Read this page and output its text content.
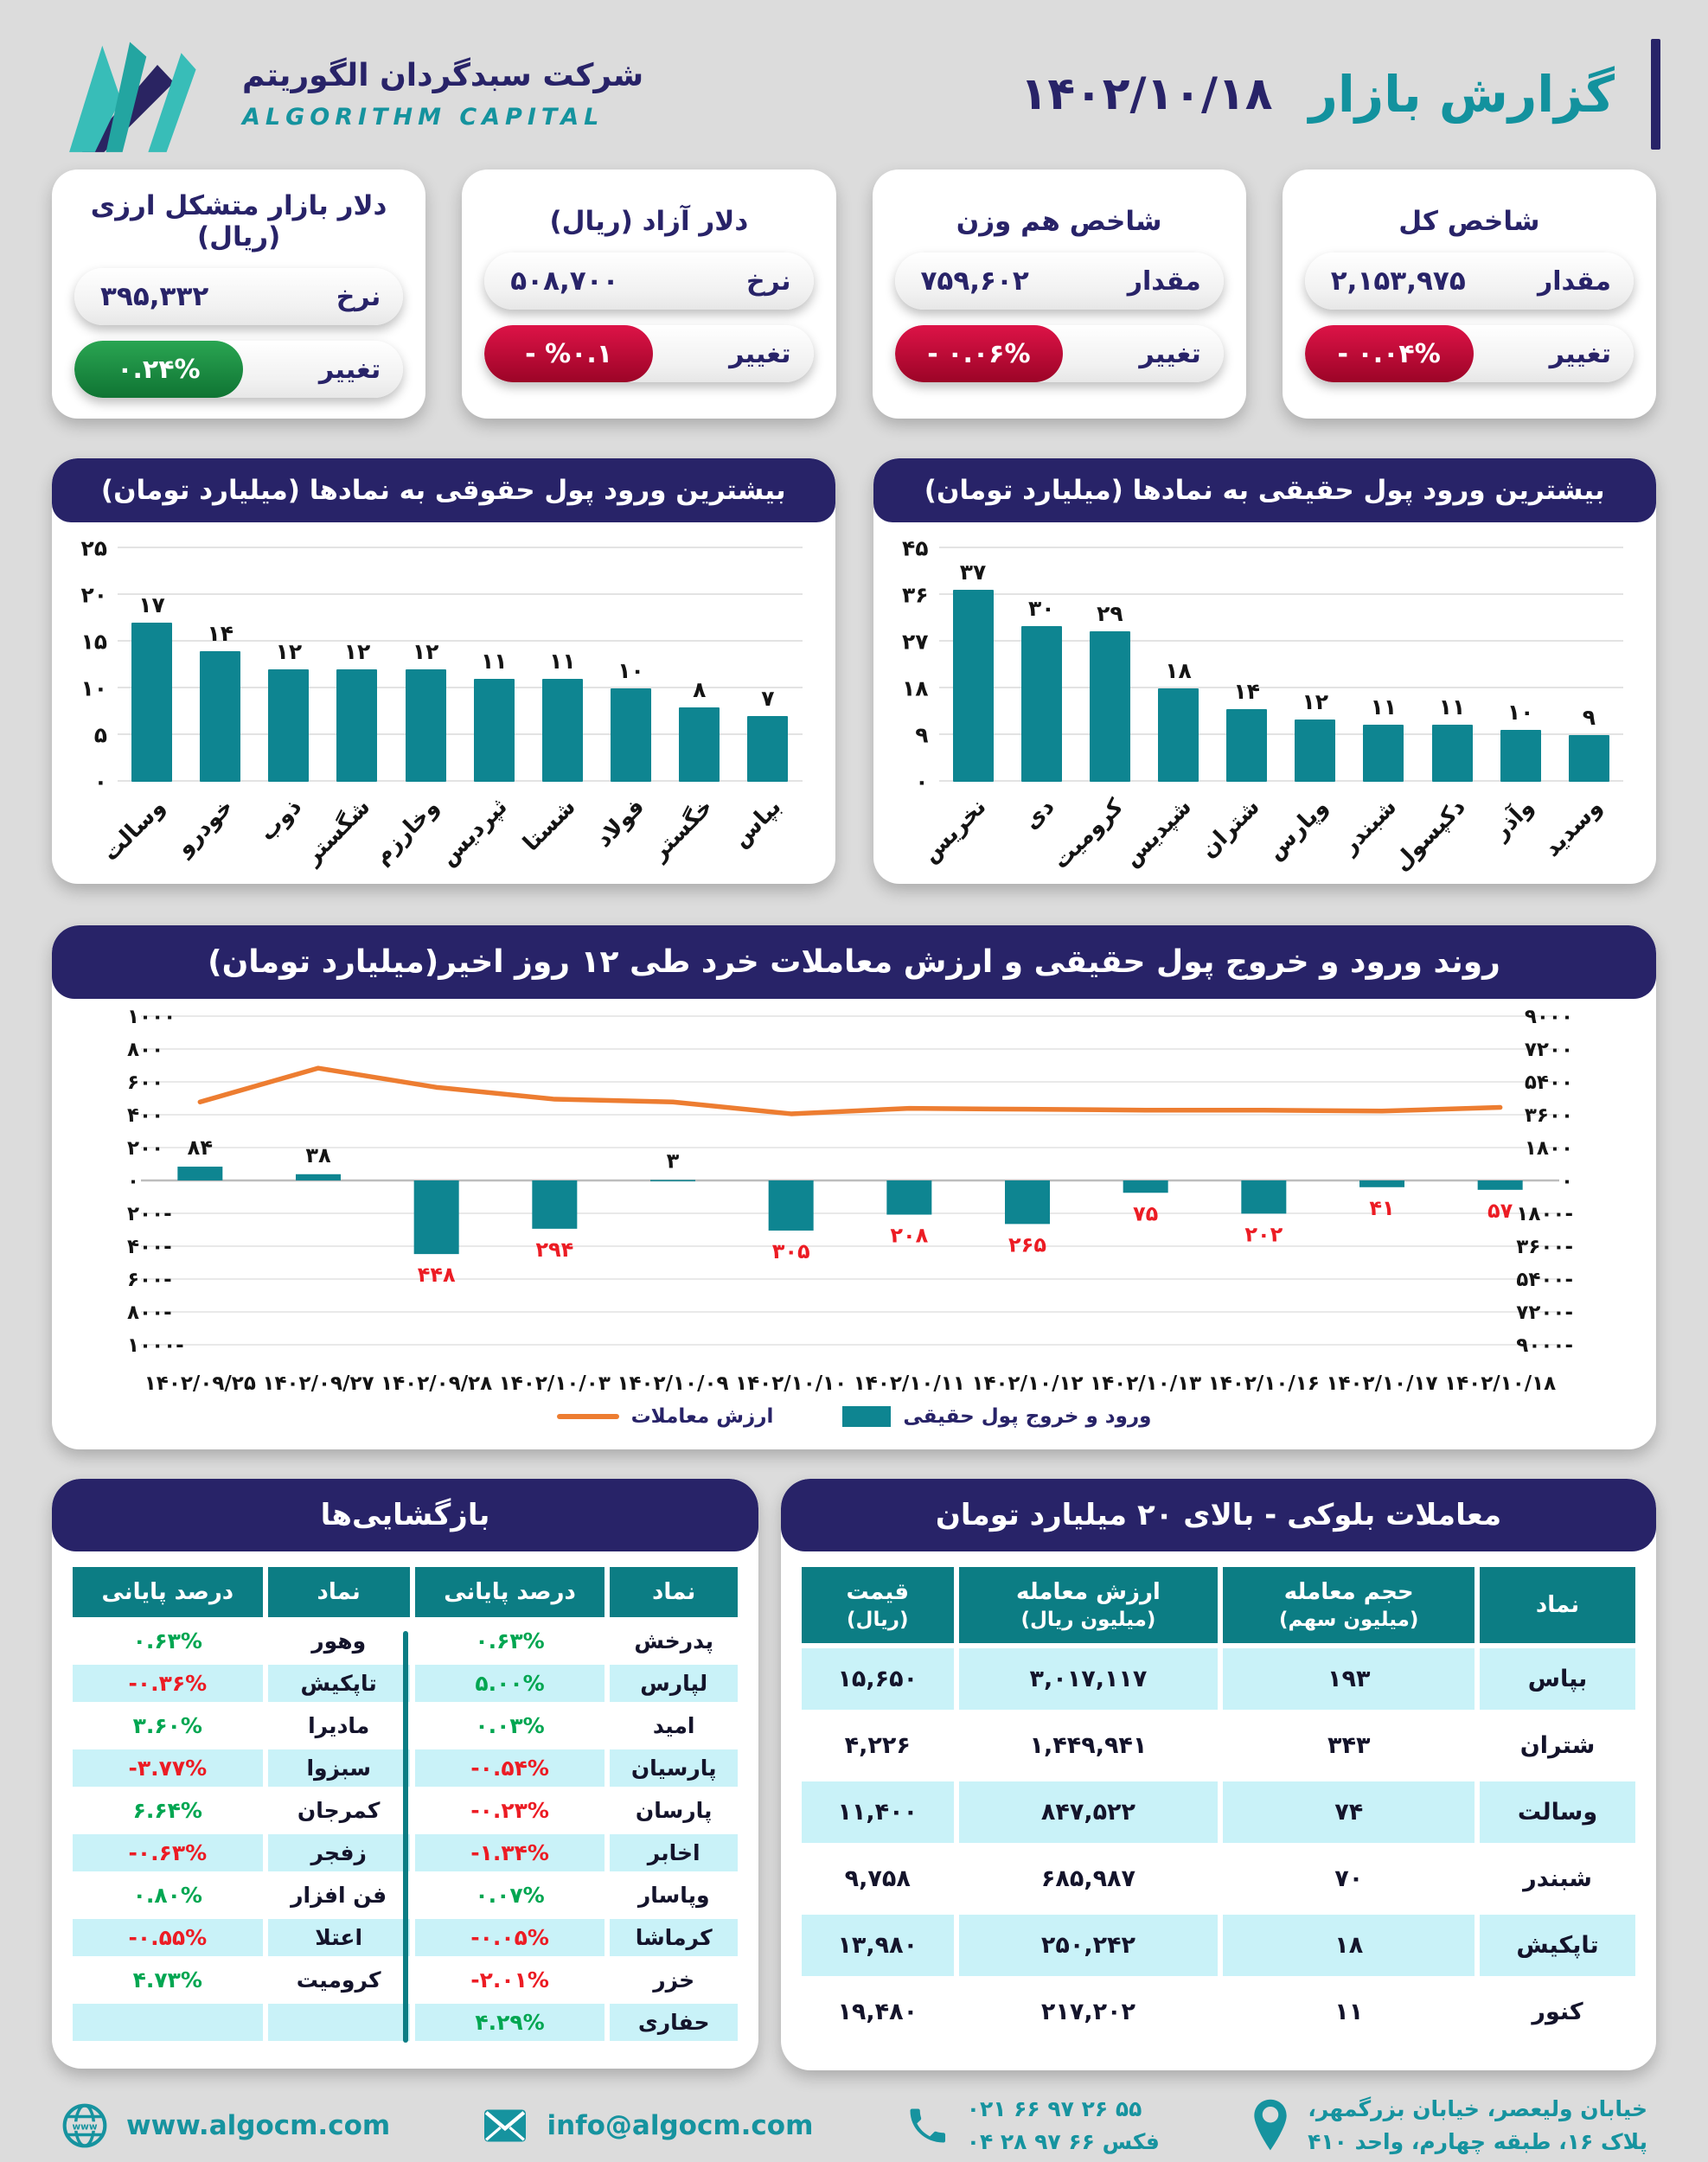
گزارش بازار
۱۴۰۲/۱۰/۱۸
شرکت سبدگردان الگوریتم
ALGORITHM CAPITAL
شاخص کل
مقدار
۲,۱۵۳,۹۷۵
تغییر
- ۰.۰۴%
شاخص هم وزن
مقدار
۷۵۹,۶۰۲
تغییر
- ۰.۰۶%
دلار آزاد (ریال)
نرخ
۵۰۸,۷۰۰
تغییر
- %۰.۱
دلار بازار متشکل ارزی (ریال)
نرخ
۳۹۵,۳۳۲
تغییر
۰.۲۴%
بیشترین ورود پول حقیقی به نمادها (میلیارد تومان)
۴۵
۳۶
۲۷
۱۸
۹
۰
۳۷
۳۰ ۲۹
۱۸
۱۴ ۱۲ ۱۱ ۱۱ ۱۰ ۹
نخریس دی
کرومیت
شپدیس
شتران
وپارس شبندر
دکپسول وآذر وسدید
بیشترین ورود پول حقوقی به نمادها (میلیارد تومان)
۲۵
۲۰
۱۵
۱۰
۵
۰
۱۷
۱۴
۱۲ ۱۲ ۱۲ ۱۱ ۱۱ ۱۰
۸	۷
وسالت خودرو ذوب
شگستر
وخارزم
ثپردیس شستا فولاد
خگستر بپاس
روند ورود و خروج پول حقیقی و ارزش معاملات خرد طی ۱۲ روز اخیر(میلیارد تومان)
۱۰۰۰	۹۰۰۰
۸۰۰	۷۲۰۰
۶۰۰	۵۴۰۰
۴۰۰	۳۶۰۰
۲۰۰	۱۸۰۰
۰	۰
-۲۰۰	-۱۸۰۰
-۴۰۰	-۳۶۰۰
-۶۰۰	-۵۴۰۰
-۸۰۰	-۷۲۰۰
-۱۰۰۰	-۹۰۰۰
۸۴	۳۸
۴۴۸
۲۹۴
۳
۳۰۵
۲۰۸	۲۶۵
۷۵
۲۰۲
۴۱	۵۷
۱۴۰۲/۰۹/۲۵ ۱۴۰۲/۰۹/۲۷ ۱۴۰۲/۰۹/۲۸ ۱۴۰۲/۱۰/۰۳ ۱۴۰۲/۱۰/۰۹ ۱۴۰۲/۱۰/۱۰ ۱۴۰۲/۱۰/۱۱ ۱۴۰۲/۱۰/۱۲ ۱۴۰۲/۱۰/۱۳ ۱۴۰۲/۱۰/۱۶ ۱۴۰۲/۱۰/۱۷ ۱۴۰۲/۱۰/۱۸
ورود و خروج پول حقیقی
ارزش معاملات
معاملات بلوکی - بالای ۲۰ میلیارد تومان
نماد

حجم معامله
(میلیون سهم)

ارزش معامله
(میلیون ریال)

قیمت
(ریال)

بپاس	۱۹۳	۳,۰۱۷,۱۱۷	۱۵,۶۵۰
شتران	۳۴۳	۱,۴۴۹,۹۴۱	۴,۲۲۶
وسالت	۷۴	۸۴۷,۵۲۲	۱۱,۴۰۰
شبندر	۷۰	۶۸۵,۹۸۷	۹,۷۵۸
تاپکیش	۱۸	۲۵۰,۲۴۲	۱۳,۹۸۰
کنور	۱۱	۲۱۷,۲۰۲	۱۹,۴۸۰
بازگشایی‌ها
نماد	درصد پایانی	نماد	درصد پایانی
پدرخش	۰.۶۳%	وهور	۰.۶۳%
لپارس	۵.۰۰%	تاپکیش	-۰.۳۶%
امید	۰.۰۳%	مادیرا	۳.۶۰%
پارسیان	-۰.۵۴%	سبزوا	-۳.۷۷%
پارسان	-۰.۲۳%	کمرجان	۶.۶۴%
اخابر	-۱.۳۴%	زفجر	-۰.۶۳%
وپاسار	۰.۰۷%	فن افزار	۰.۸۰%
کرماشا	-۰.۰۵%	اعتلا	-۰.۵۵%
خزر	-۲.۰۱%	کرومیت	۴.۷۳%
حفاری	۴.۲۹%		
خیابان ولیعصر، خیابان بزرگمهر،
پلاک ۱۶، طبقه چهارم، واحد ۴۱۰
۰۲۱ ۶۶ ۹۷ ۲۶ ۵۵
۰۴ ۲۸ ۹۷ ۶۶ فکس
info@algocm.com
www.algocm.com
www
